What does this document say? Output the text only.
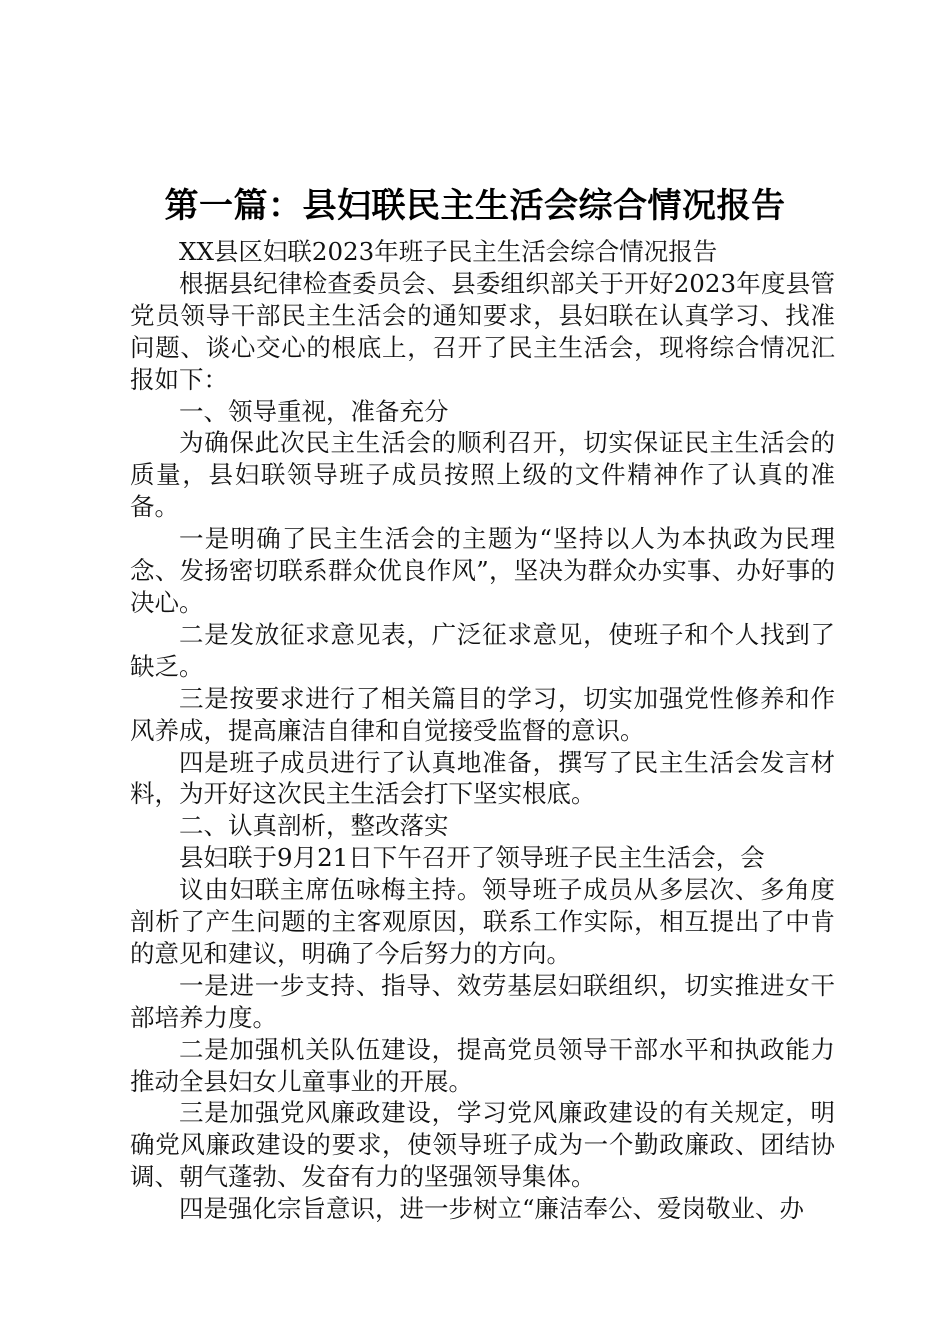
第一篇：县妇联民主生活会综合情况报告

XX县区妇联2023年班子民主生活会综合情况报告

根据县纪律检查委员会、县委组织部关于开好2023年度县管党员领导干部民主生活会的通知要求，县妇联在认真学习、找准问题、谈心交心的根底上，召开了民主生活会，现将综合情况汇报如下：

一、领导重视，准备充分

为确保此次民主生活会的顺利召开，切实保证民主生活会的质量，县妇联领导班子成员按照上级的文件精神作了认真的准备。

一是明确了民主生活会的主题为“坚持以人为本执政为民理念、发扬密切联系群众优良作风”，坚决为群众办实事、办好事的决心。

二是发放征求意见表，广泛征求意见，使班子和个人找到了缺乏。

三是按要求进行了相关篇目的学习，切实加强党性修养和作风养成，提高廉洁自律和自觉接受监督的意识。

四是班子成员进行了认真地准备，撰写了民主生活会发言材料，为开好这次民主生活会打下坚实根底。

二、认真剖析，整改落实

县妇联于9月21日下午召开了领导班子民主生活会，会

议由妇联主席伍咏梅主持。领导班子成员从多层次、多角度剖析了产生问题的主客观原因，联系工作实际，相互提出了中肯的意见和建议，明确了今后努力的方向。

一是进一步支持、指导、效劳基层妇联组织，切实推进女干部培养力度。

二是加强机关队伍建设，提高党员领导干部水平和执政能力推动全县妇女儿童事业的开展。

三是加强党风廉政建设，学习党风廉政建设的有关规定，明确党风廉政建设的要求，使领导班子成为一个勤政廉政、团结协调、朝气蓬勃、发奋有力的坚强领导集体。

四是强化宗旨意识，进一步树立“廉洁奉公、爱岗敬业、办
